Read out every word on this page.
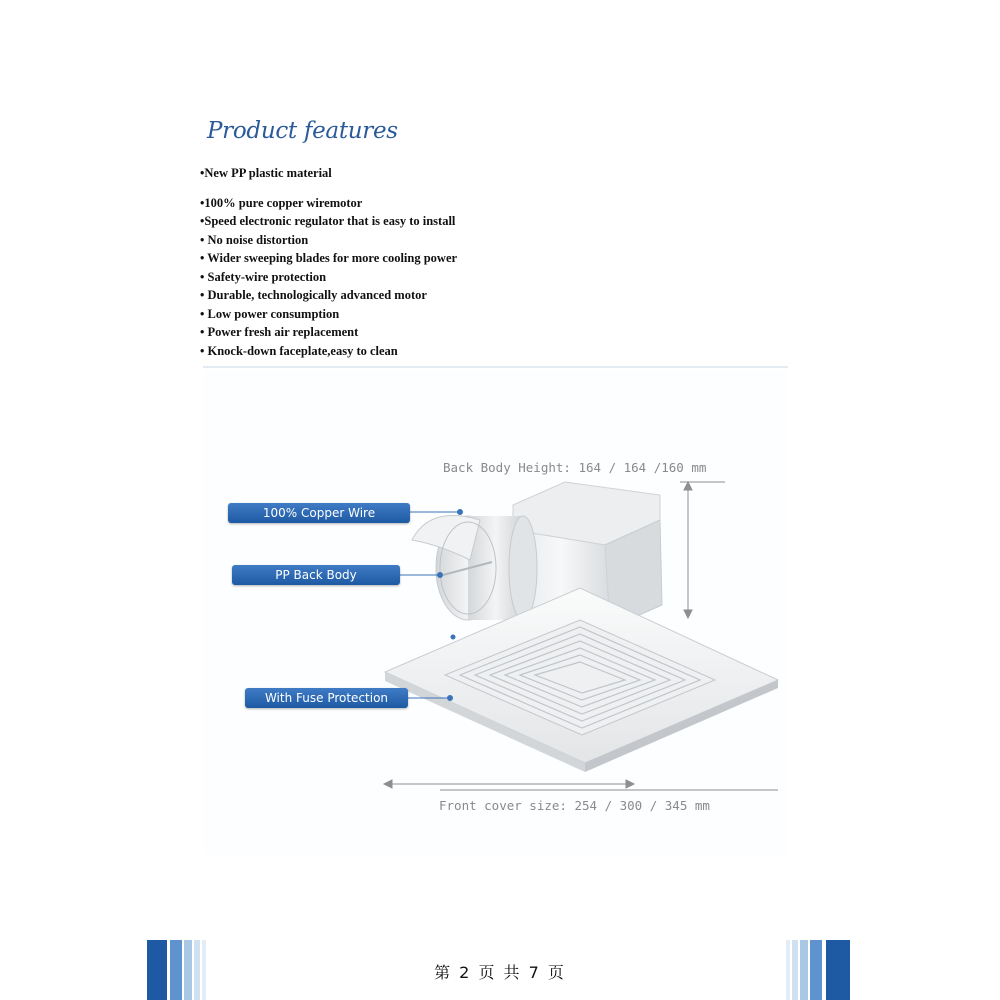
Product features
•New PP plastic material
•100% pure copper wiremotor
•Speed electronic regulator that is easy to install
• No noise distortion
• Wider sweeping blades for more cooling power
• Safety-wire protection
• Durable, technologically advanced motor
• Low power consumption
• Power fresh air replacement
• Knock-down faceplate,easy to clean
100% Copper Wire
PP Back Body
With Fuse Protection
Back Body Height: 164 / 164 /160 mm
Front cover size: 254 / 300 / 345 mm
第 2 页 共 7 页
